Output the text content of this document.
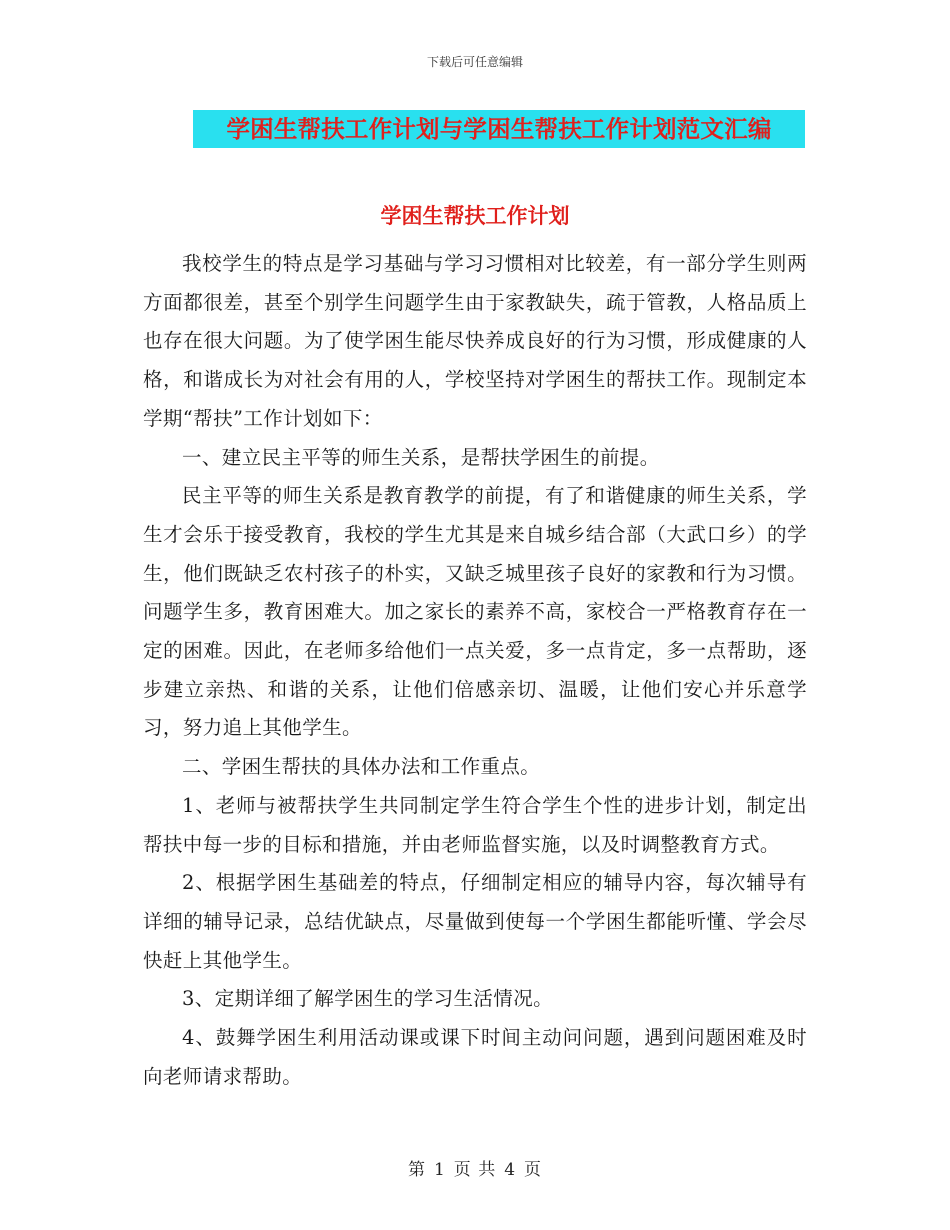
下载后可任意编辑
学困生帮扶工作计划与学困生帮扶工作计划范文汇编
学困生帮扶工作计划

我校学生的特点是学习基础与学习习惯相对比较差，有一部分学生则两方面都很差，甚至个别学生问题学生由于家教缺失，疏于管教，人格品质上也存在很大问题。为了使学困生能尽快养成良好的行为习惯，形成健康的人格，和谐成长为对社会有用的人，学校坚持对学困生的帮扶工作。现制定本学期“帮扶”工作计划如下：

一、建立民主平等的师生关系，是帮扶学困生的前提。

民主平等的师生关系是教育教学的前提，有了和谐健康的师生关系，学生才会乐于接受教育，我校的学生尤其是来自城乡结合部（大武口乡）的学生，他们既缺乏农村孩子的朴实，又缺乏城里孩子良好的家教和行为习惯。问题学生多，教育困难大。加之家长的素养不高，家校合一严格教育存在一定的困难。因此，在老师多给他们一点关爱，多一点肯定，多一点帮助，逐步建立亲热、和谐的关系，让他们倍感亲切、温暖，让他们安心并乐意学习，努力追上其他学生。

二、学困生帮扶的具体办法和工作重点。

1、老师与被帮扶学生共同制定学生符合学生个性的进步计划，制定出帮扶中每一步的目标和措施，并由老师监督实施，以及时调整教育方式。

2、根据学困生基础差的特点，仔细制定相应的辅导内容，每次辅导有详细的辅导记录，总结优缺点，尽量做到使每一个学困生都能听懂、学会尽快赶上其他学生。

3、定期详细了解学困生的学习生活情况。

4、鼓舞学困生利用活动课或课下时间主动问问题，遇到问题困难及时向老师请求帮助。

第 1 页 共 4 页
